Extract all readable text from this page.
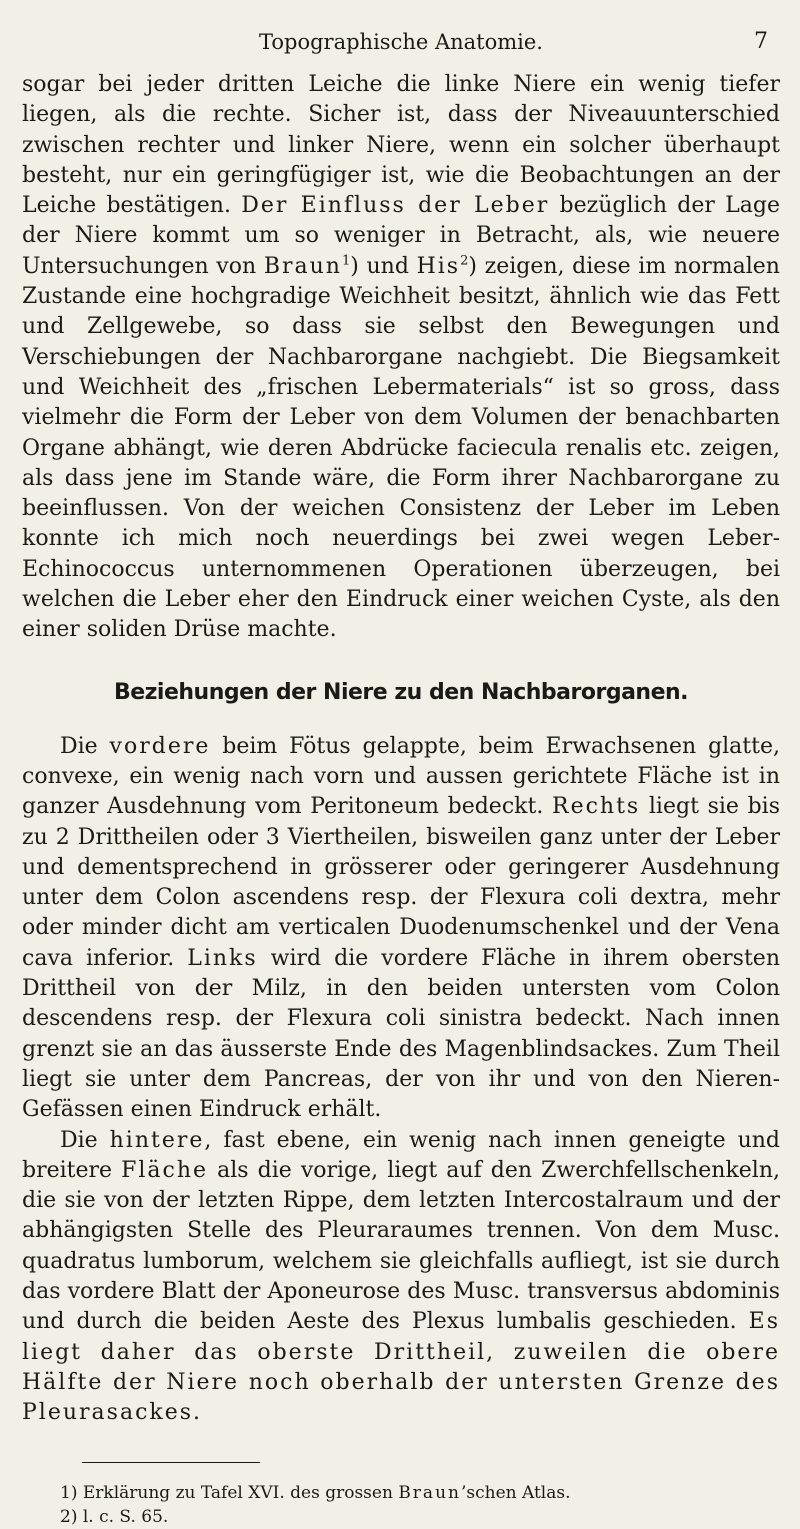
Topographische Anatomie.	7

sogar bei jeder dritten Leiche die linke Niere ein wenig tiefer liegen, als die rechte. Sicher ist, dass der Niveauunterschied zwischen rechter und linker Niere, wenn ein solcher überhaupt besteht, nur ein geringfügiger ist, wie die Beobachtungen an der Leiche bestätigen. Der Einfluss der Leber bezüglich der Lage der Niere kommt um so weniger in Betracht, als, wie neuere Untersuchungen von Braun$^1$) und His$^2$) zeigen, diese im normalen Zustande eine hochgradige Weichheit besitzt, ähnlich wie das Fett und Zellgewebe, so dass sie selbst den Bewegungen und Verschiebungen der Nachbarorgane nachgiebt. Die Biegsamkeit und Weichheit des „frischen Lebermaterials“ ist so gross, dass vielmehr die Form der Leber von dem Volumen der benachbarten Organe abhängt, wie deren Abdrücke faciecula renalis etc. zeigen, als dass jene im Stande wäre, die Form ihrer Nachbarorgane zu beeinflussen. Von der weichen Consistenz der Leber im Leben konnte ich mich noch neuerdings bei zwei wegen Leber-Echinococcus unternommenen Operationen überzeugen, bei welchen die Leber eher den Eindruck einer weichen Cyste, als den einer soliden Drüse machte.

Beziehungen der Niere zu den Nachbarorganen.

Die vordere beim Fötus gelappte, beim Erwachsenen glatte, convexe, ein wenig nach vorn und aussen gerichtete Fläche ist in ganzer Ausdehnung vom Peritoneum bedeckt. Rechts liegt sie bis zu 2 Drittheilen oder 3 Viertheilen, bisweilen ganz unter der Leber und dementsprechend in grösserer oder geringerer Ausdehnung unter dem Colon ascendens resp. der Flexura coli dextra, mehr oder minder dicht am verticalen Duodenumschenkel und der Vena cava inferior. Links wird die vordere Fläche in ihrem obersten Drittheil von der Milz, in den beiden untersten vom Colon descendens resp. der Flexura coli sinistra bedeckt. Nach innen grenzt sie an das äusserste Ende des Magenblindsackes. Zum Theil liegt sie unter dem Pancreas, der von ihr und von den Nieren-Gefässen einen Eindruck erhält.

Die hintere, fast ebene, ein wenig nach innen geneigte und breitere Fläche als die vorige, liegt auf den Zwerchfellschenkeln, die sie von der letzten Rippe, dem letzten Intercostalraum und der abhängigsten Stelle des Pleuraraumes trennen. Von dem Musc. quadratus lumborum, welchem sie gleichfalls aufliegt, ist sie durch das vordere Blatt der Aponeurose des Musc. transversus abdominis und durch die beiden Aeste des Plexus lumbalis geschieden. Es liegt daher das oberste Drittheil, zuweilen die obere Hälfte der Niere noch oberhalb der untersten Grenze des Pleurasackes.

1) Erklärung zu Tafel XVI. des grossen Braun’schen Atlas.

2) l. c. S. 65.
